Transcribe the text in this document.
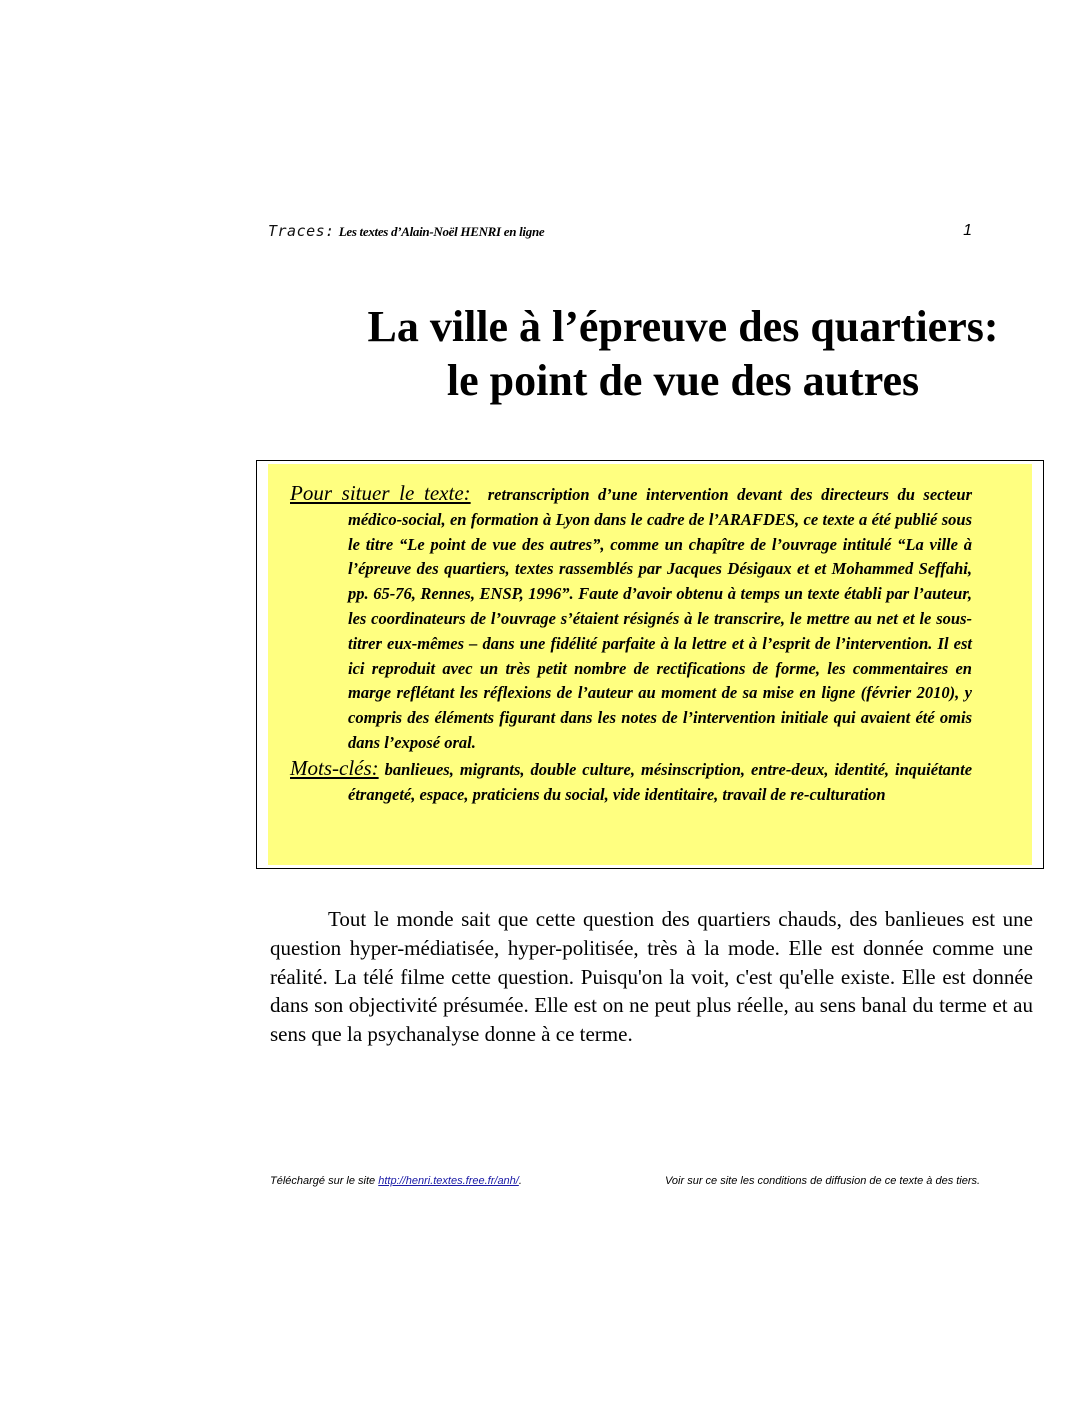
Traces: Les textes d’Alain-Noël HENRI en ligne	1
La ville à l’épreuve des quartiers:
le point de vue des autres

Pour situer le texte: retranscription d’une intervention devant des directeurs du secteur médico-social, en formation à Lyon dans le cadre de l’ARAFDES, ce texte a été publié sous le titre “Le point de vue des autres”, comme un chapître de l’ouvrage intitulé “La ville à l’épreuve des quartiers, textes rassemblés par Jacques Désigaux et et Mohammed Seffahi, pp. 65-76, Rennes, ENSP, 1996”. Faute d’avoir obtenu à temps un texte établi par l’auteur, les coordinateurs de l’ouvrage s’étaient résignés à le transcrire, le mettre au net et le sous-titrer eux-mêmes – dans une fidélité parfaite à la lettre et à l’esprit de l’intervention. Il est ici reproduit avec un très petit nombre de rectifications de forme, les commentaires en marge reflétant les réflexions de l’auteur au moment de sa mise en ligne (février 2010), y compris des éléments figurant dans les notes de l’intervention initiale qui avaient été omis dans l’exposé oral.

Mots-clés: banlieues, migrants, double culture, mésinscription, entre-deux, identité, inquiétante étrangeté, espace, praticiens du social, vide identitaire, travail de re-culturation

Tout le monde sait que cette question des quartiers chauds, des banlieues est une question hyper-médiatisée, hyper-politisée, très à la mode. Elle est donnée comme une réalité. La télé filme cette question. Puisqu'on la voit, c'est qu'elle existe. Elle est donnée dans son objectivité présumée. Elle est on ne peut plus réelle, au sens banal du terme et au sens que la psychanalyse donne à ce terme.

Téléchargé sur le site http://henri.textes.free.fr/anh/.	Voir sur ce site les conditions de diffusion de ce texte à des tiers.
